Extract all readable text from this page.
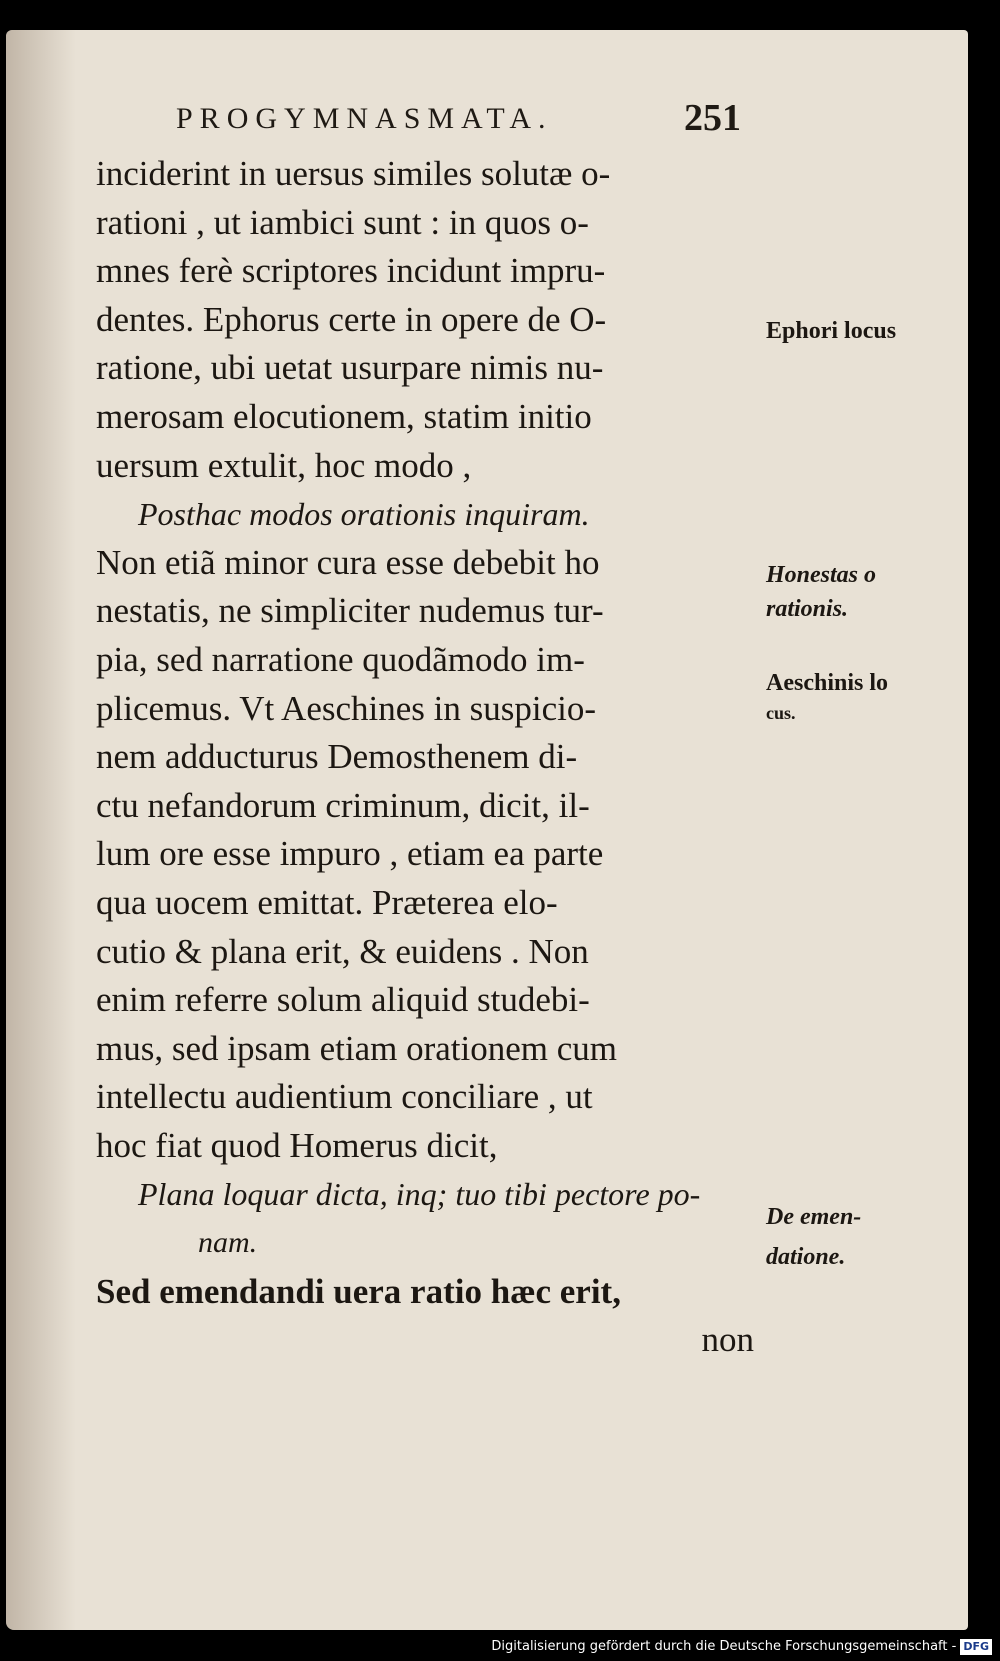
PROGYMNASMATA.	251
inciderint in uersus similes solutæ o-
rationi , ut iambici sunt : in quos o-
mnes ferè scriptores incidunt impru-
dentes. Ephorus certe in opere de O-
ratione, ubi uetat usurpare nimis nu-
merosam elocutionem, statim initio
uersum extulit, hoc modo ,
Posthac modos orationis inquiram.
Non etiã minor cura esse debebit ho
nestatis, ne simpliciter nudemus tur-
pia, sed narratione quodãmodo im-
plicemus. Vt Aeschines in suspicio-
nem adducturus Demosthenem di-
ctu nefandorum criminum, dicit, il-
lum ore esse impuro , etiam ea parte
qua uocem emittat. Præterea elo-
cutio & plana erit, & euidens . Non
enim referre solum aliquid studebi-
mus, sed ipsam etiam orationem cum
intellectu audientium conciliare , ut
hoc fiat quod Homerus dicit,
Plana loquar dicta, inq; tuo tibi pectore po-
nam.
Sed emendandi uera ratio hæc erit,
non
Ephori locus
Honestas o
rationis.
Aeschinis lo
cus.
De emen-
datione.
Digitalisierung gefördert durch die Deutsche Forschungsgemeinschaft - DFG
